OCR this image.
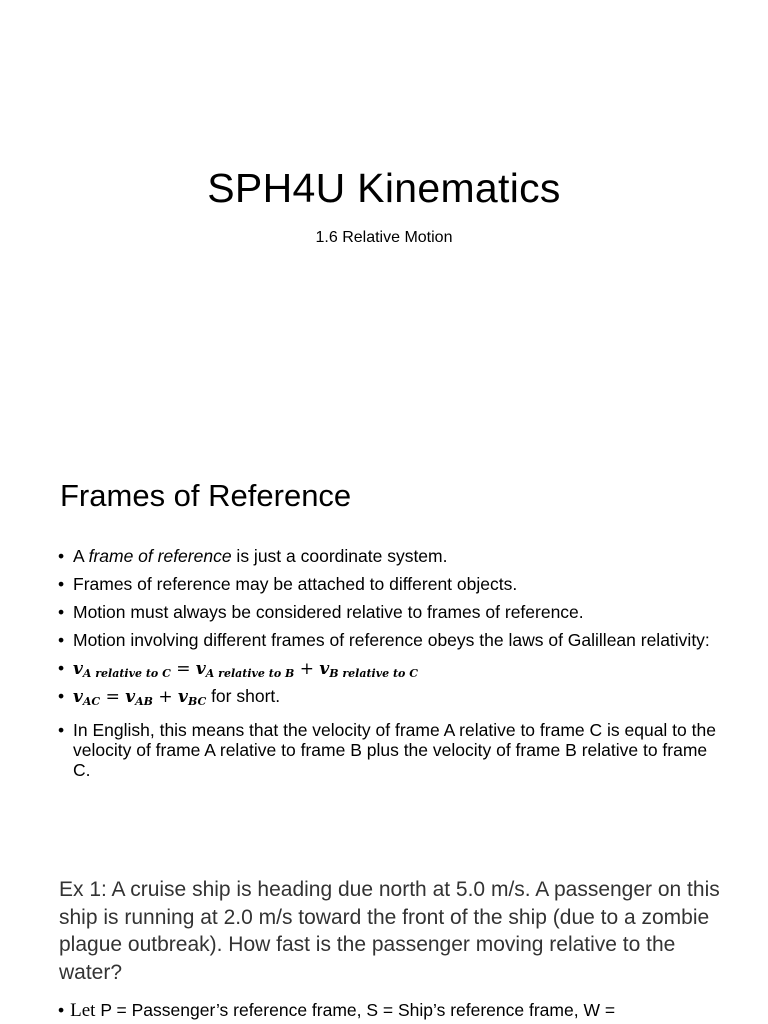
SPH4U Kinematics
1.6 Relative Motion
Frames of Reference
• A frame of reference is just a coordinate system.
• Frames of reference may be attached to different objects.
• Motion must always be considered relative to frames of reference.
• Motion involving different frames of reference obeys the laws of Galillean relativity:
• $v_{A relative to C} = v_{A relative to B} + v_{B relative to C}$
• $v_{AC} = v_{AB} + v_{BC}$ for short.
• In English, this means that the velocity of frame A relative to frame C is equal to the velocity of frame A relative to frame B plus the velocity of frame B relative to frame C.
Ex 1: A cruise ship is heading due north at 5.0 m/s. A passenger on this ship is running at 2.0 m/s toward the front of the ship (due to a zombie plague outbreak). How fast is the passenger moving relative to the water?
• Let P = Passenger’s reference frame, S = Ship’s reference frame, W =
